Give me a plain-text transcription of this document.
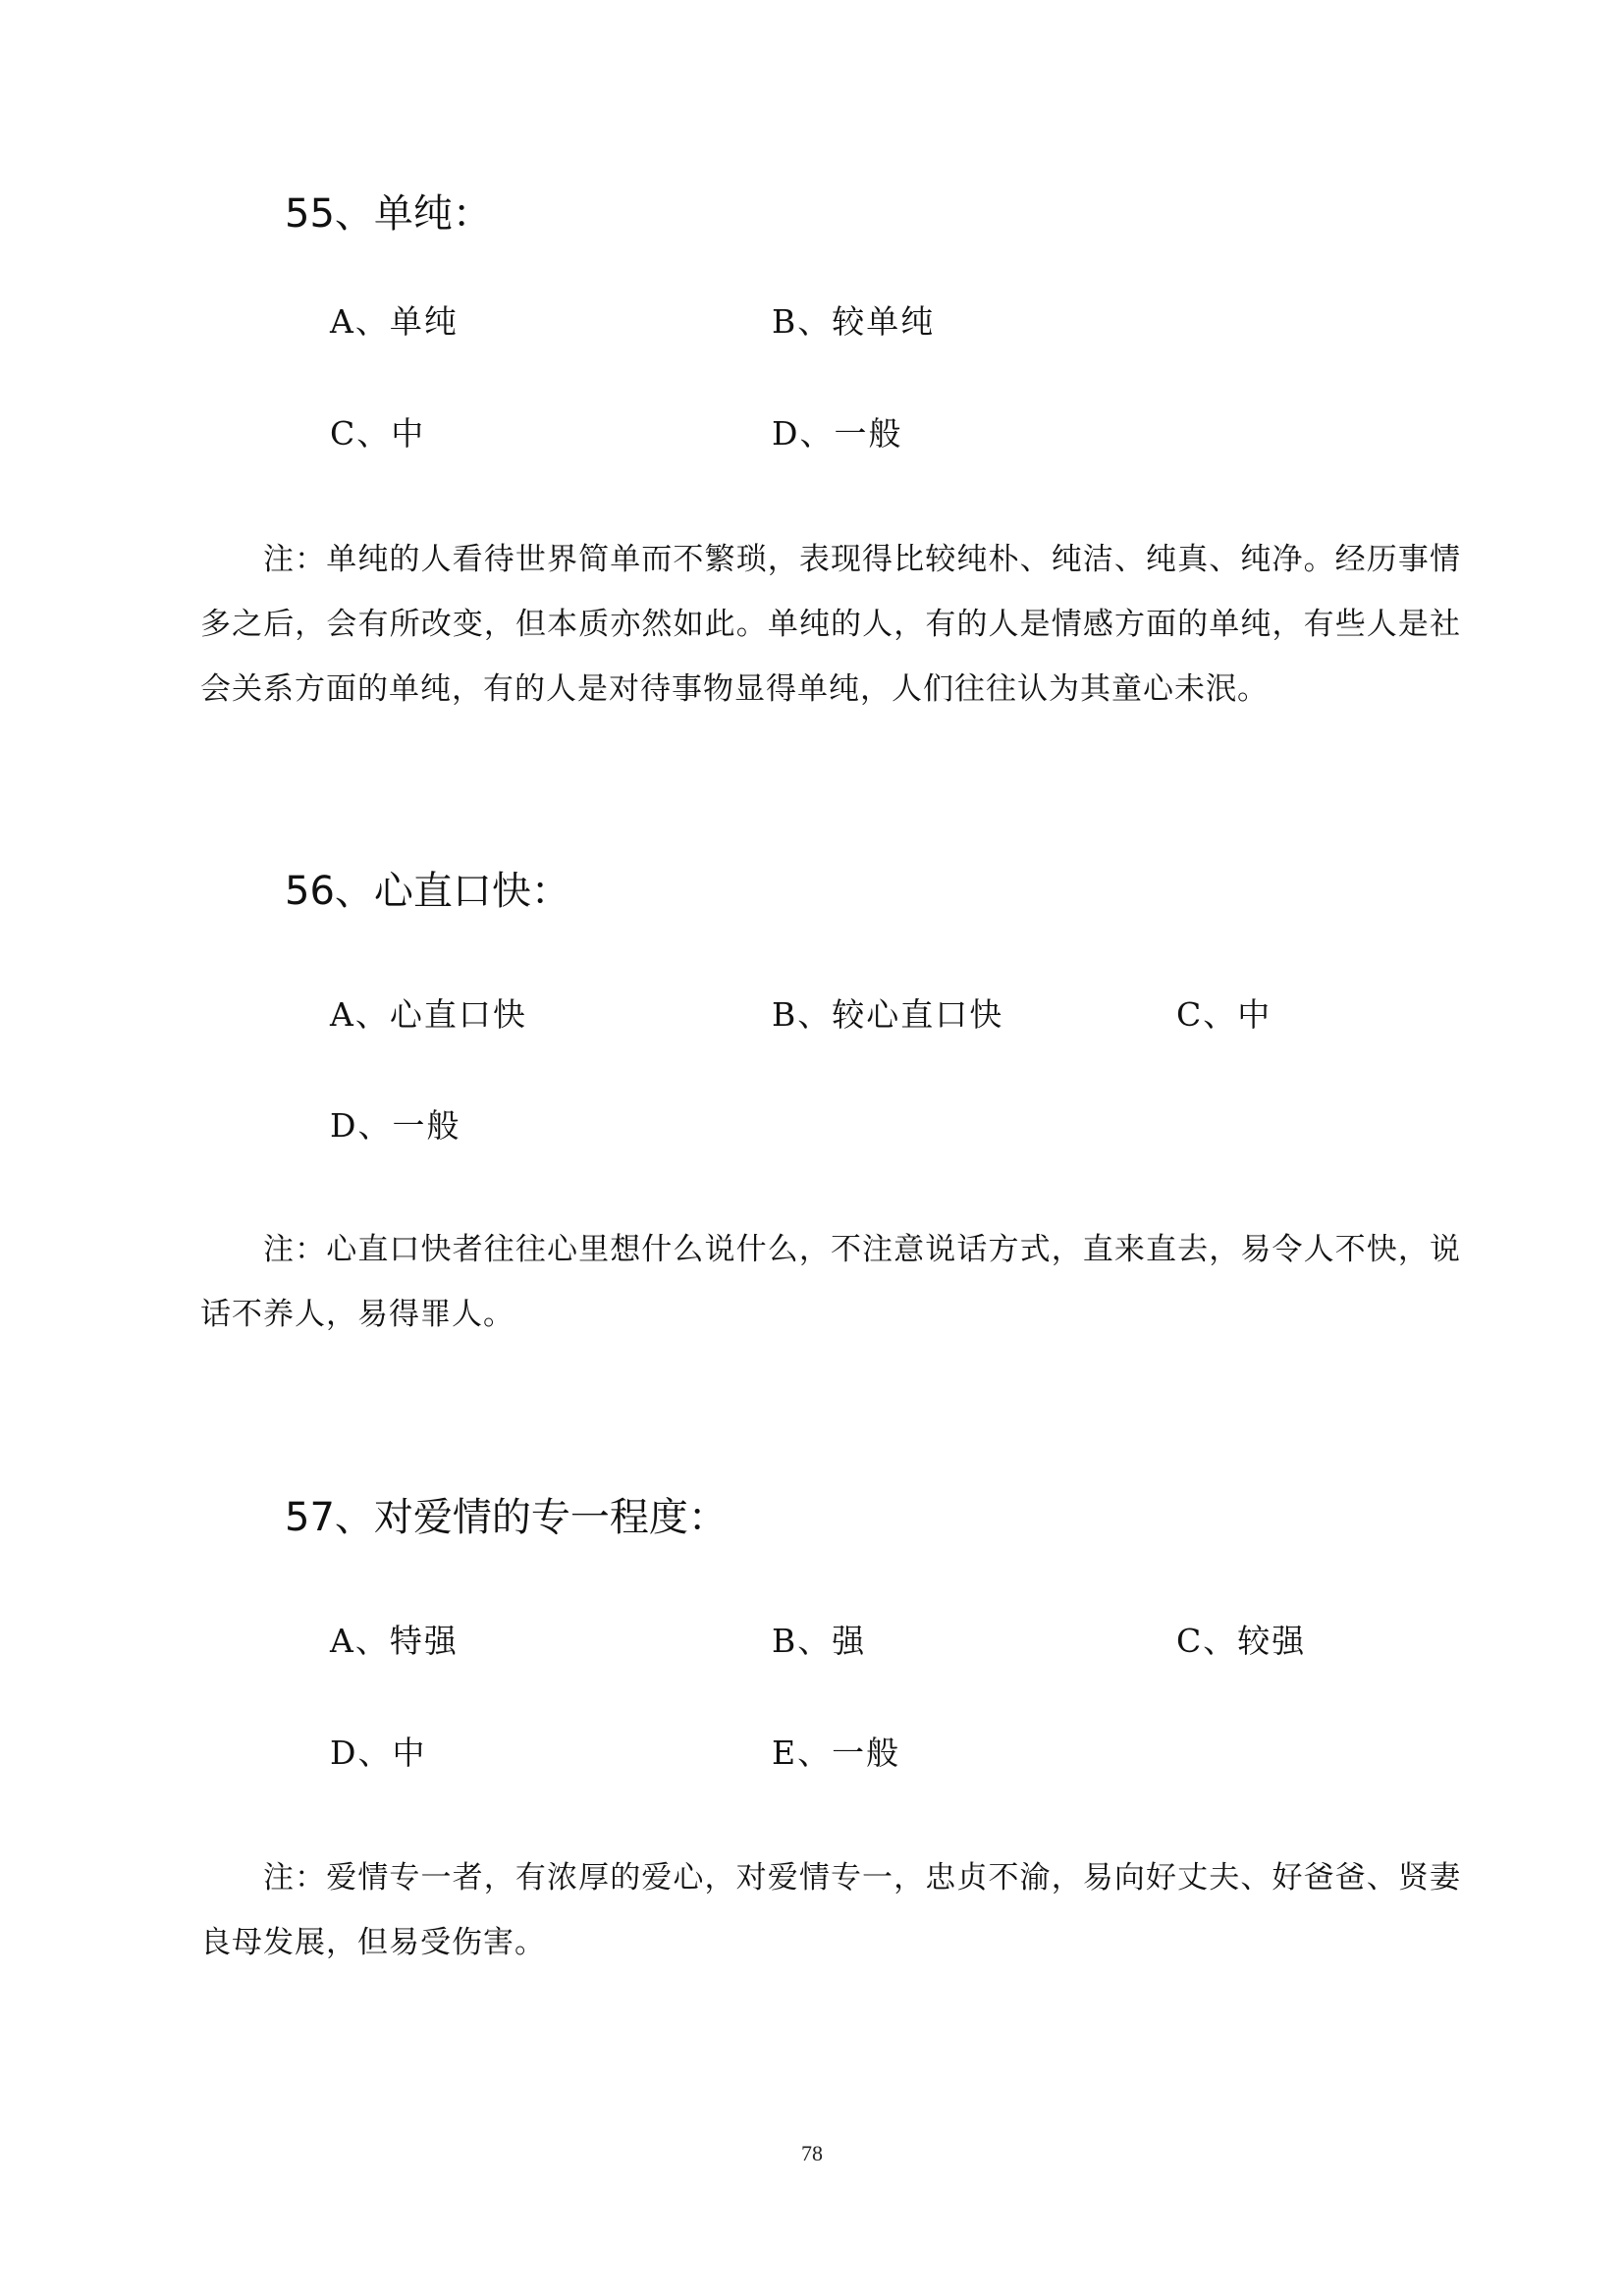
55、单纯：
A、单纯	B、较单纯
C、中	D、一般
注：单纯的人看待世界简单而不繁琐，表现得比较纯朴、纯洁、纯真、纯净。经历事情多之后，会有所改变，但本质亦然如此。单纯的人，有的人是情感方面的单纯，有些人是社会关系方面的单纯，有的人是对待事物显得单纯，人们往往认为其童心未泯。
56、心直口快：
A、心直口快	B、较心直口快	C、中
D、一般
注：心直口快者往往心里想什么说什么，不注意说话方式，直来直去，易令人不快，说话不养人，易得罪人。
57、对爱情的专一程度：
A、特强	B、强	C、较强
D、中	E、一般
注：爱情专一者，有浓厚的爱心，对爱情专一，忠贞不渝，易向好丈夫、好爸爸、贤妻良母发展，但易受伤害。
78
